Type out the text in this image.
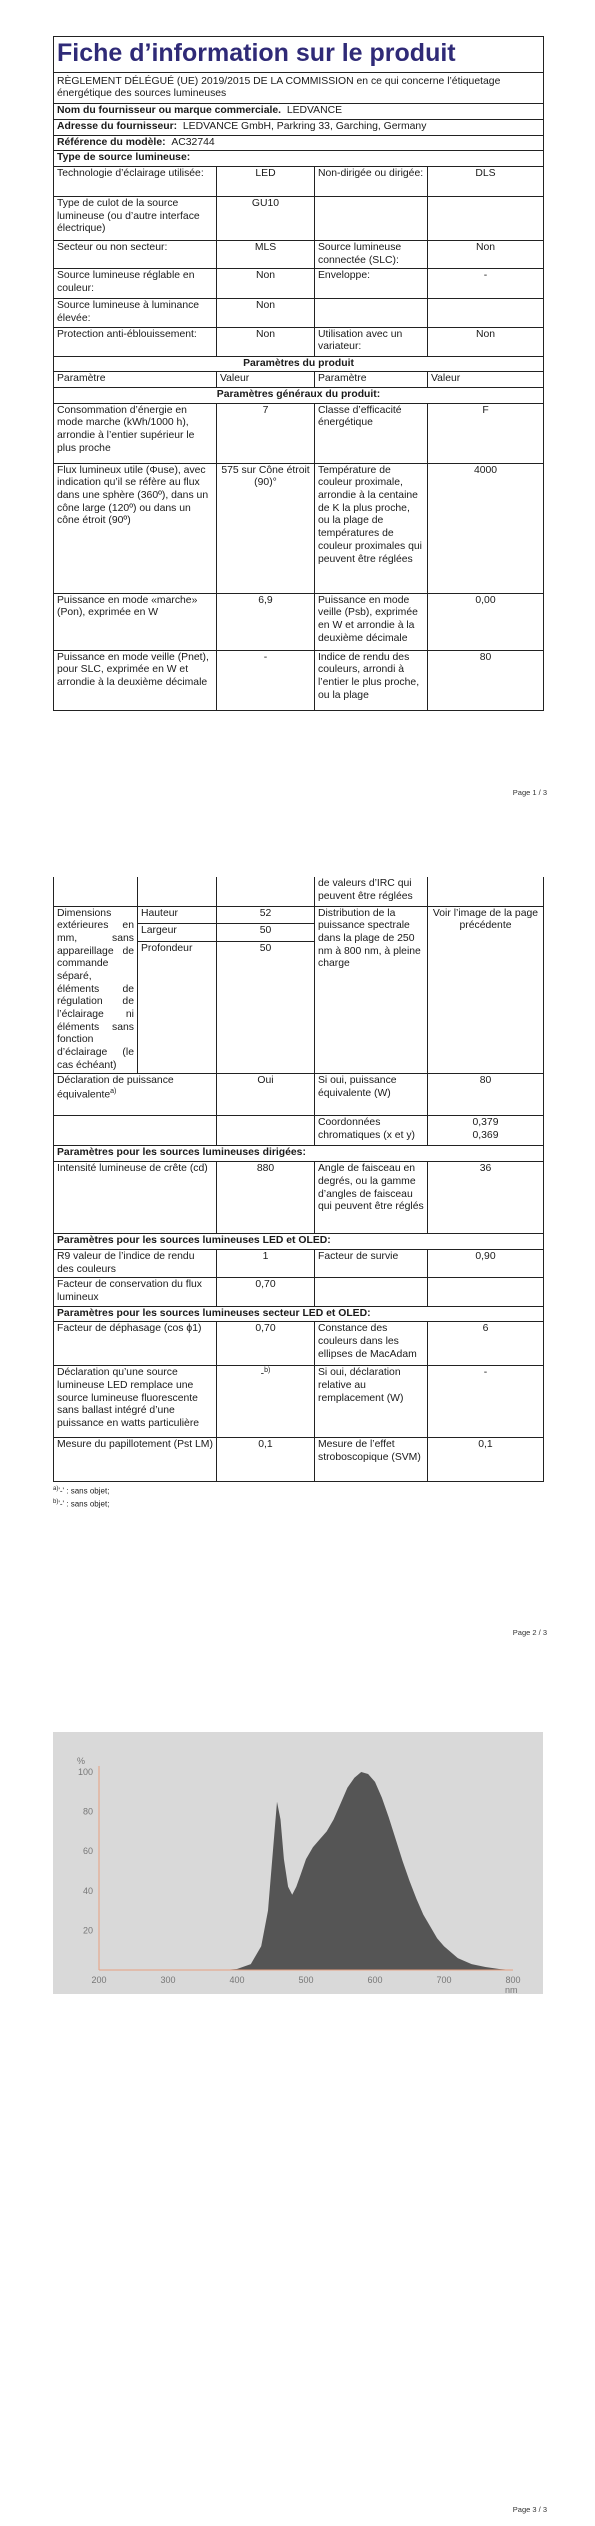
Fiche d’information sur le produit			
RÈGLEMENT DÉLÉGUÉ (UE) 2019/2015 DE LA COMMISSION en ce qui concerne l’étiquetage énergétique des sources lumineuses			
Nom du fournisseur ou marque commerciale. LEDVANCE			
Adresse du fournisseur: LEDVANCE GmbH, Parkring 33, Garching, Germany			
Référence du modèle: AC32744			
Type de source lumineuse:			
Technologie d’éclairage utilisée:	LED	Non-dirigée ou dirigée:	DLS
Type de culot de la source lumineuse (ou d’autre interface électrique)	GU10		
Secteur ou non secteur:	MLS	Source lumineuse connectée (SLC):	Non
Source lumineuse réglable en couleur:	Non	Enveloppe:	-
Source lumineuse à luminance élevée:	Non		
Protection anti-éblouissement:	Non	Utilisation avec un variateur:	Non
Paramètres du produit			
Paramètre	Valeur	Paramètre	Valeur
Paramètres généraux du produit:			
Consommation d’énergie en mode marche (kWh/1000 h), arrondie à l’entier supérieur le plus proche	7	Classe d’efficacité énergétique	F
Flux lumineux utile (Φuse), avec indication qu’il se réfère au flux dans une sphère (360º), dans un cône large (120º) ou dans un cône étroit (90º)	575 sur Cône étroit (90)°	Température de couleur proximale, arrondie à la centaine de K la plus proche, ou la plage de températures de couleur proximales qui peuvent être réglées	4000
Puissance en mode «marche» (Pon), exprimée en W	6,9	Puissance en mode veille (Psb), exprimée en W et arrondie à la deuxième décimale	0,00
Puissance en mode veille (Pnet), pour SLC, exprimée en W et arrondie à la deuxième décimale	-	Indice de rendu des couleurs, arrondi à l’entier le plus proche, ou la plage	80
Page 1 / 3
			de valeurs d’IRC qui peuvent être réglées	
Dimensions extérieures en mm, sans appareillage de commande séparé, éléments de régulation de l’éclairage ni éléments sans fonction d’éclairage (le cas échéant)	Hauteur	52	Distribution de la puissance spectrale dans la plage de 250 nm à 800 nm, à pleine charge	Voir l’image de la page précédente
	Largeur	50		
	Profondeur	50		
Déclaration de puissance équivalente$^{a)}$		Oui	Si oui, puissance équivalente (W)	80
			Coordonnées chromatiques (x et y)	0,379
0,369

Paramètres pour les sources lumineuses dirigées:				
Intensité lumineuse de crête (cd)		880	Angle de faisceau en degrés, ou la gamme d’angles de faisceau qui peuvent être réglés	36
Paramètres pour les sources lumineuses LED et OLED:				
R9 valeur de l’indice de rendu des couleurs		1	Facteur de survie	0,90
Facteur de conservation du flux lumineux		0,70		
Paramètres pour les sources lumineuses secteur LED et OLED:				
Facteur de déphasage (cos ϕ1)		0,70	Constance des couleurs dans les ellipses de MacAdam	6
Déclaration qu’une source lumineuse LED remplace une source lumineuse fluorescente sans ballast intégré d’une puissance en watts particulière		-$^{b)}$	Si oui, déclaration relative au remplacement (W)	-
Mesure du papillotement (Pst LM)		0,1	Mesure de l’effet stroboscopique (SVM)	0,1
$^{a)}$'-' : sans objet;
$^{b)}$'-' : sans objet;
Page 2 / 3
20
40
60
80
100
200	300	400	500	600	700	800
%
nm
Page 3 / 3
